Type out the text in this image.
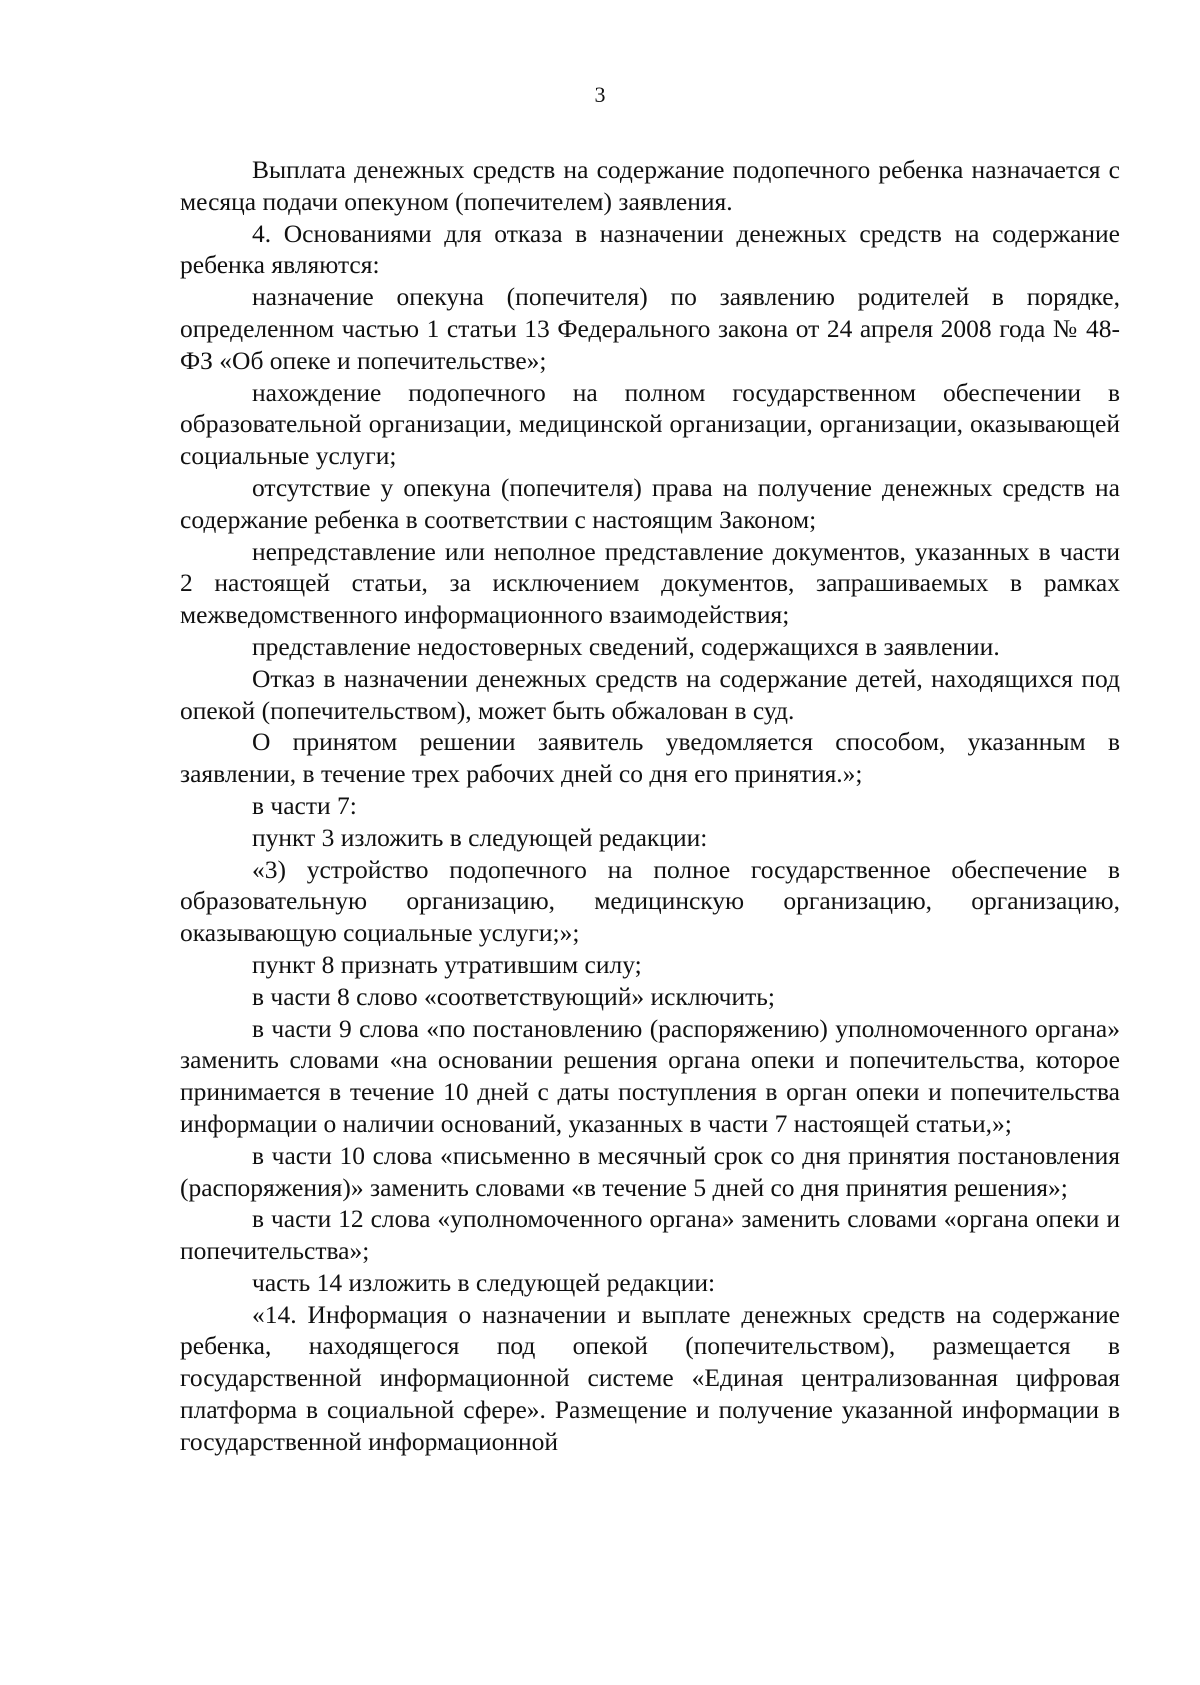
3

Выплата денежных средств на содержание подопечного ребенка назначается с месяца подачи опекуном (попечителем) заявления.

4. Основаниями для отказа в назначении денежных средств на содержание ребенка являются:

назначение опекуна (попечителя) по заявлению родителей в порядке, определенном частью 1 статьи 13 Федерального закона от 24 апреля 2008 года № 48-ФЗ «Об опеке и попечительстве»;

нахождение подопечного на полном государственном обеспечении в образовательной организации, медицинской организации, организации, оказывающей социальные услуги;

отсутствие у опекуна (попечителя) права на получение денежных средств на содержание ребенка в соответствии с настоящим Законом;

непредставление или неполное представление документов, указанных в части 2 настоящей статьи, за исключением документов, запрашиваемых в рамках межведомственного информационного взаимодействия;

представление недостоверных сведений, содержащихся в заявлении.

Отказ в назначении денежных средств на содержание детей, находящихся под опекой (попечительством), может быть обжалован в суд.

О принятом решении заявитель уведомляется способом, указанным в заявлении, в течение трех рабочих дней со дня его принятия.»;

в части 7:

пункт 3 изложить в следующей редакции:

«3) устройство подопечного на полное государственное обеспечение в образовательную организацию, медицинскую организацию, организацию, оказывающую социальные услуги;»;

пункт 8 признать утратившим силу;

в части 8 слово «соответствующий» исключить;

в части 9 слова «по постановлению (распоряжению) уполномоченного органа» заменить словами «на основании решения органа опеки и попечительства, которое принимается в течение 10 дней с даты поступления в орган опеки и попечительства информации о наличии оснований, указанных в части 7 настоящей статьи,»;

в части 10 слова «письменно в месячный срок со дня принятия постановления (распоряжения)» заменить словами «в течение 5 дней со дня принятия решения»;

в части 12 слова «уполномоченного органа» заменить словами «органа опеки и попечительства»;

часть 14 изложить в следующей редакции:

«14. Информация о назначении и выплате денежных средств на содержание ребенка, находящегося под опекой (попечительством), размещается в государственной информационной системе «Единая централизованная цифровая платформа в социальной сфере». Размещение и получение указанной информации в государственной информационной
